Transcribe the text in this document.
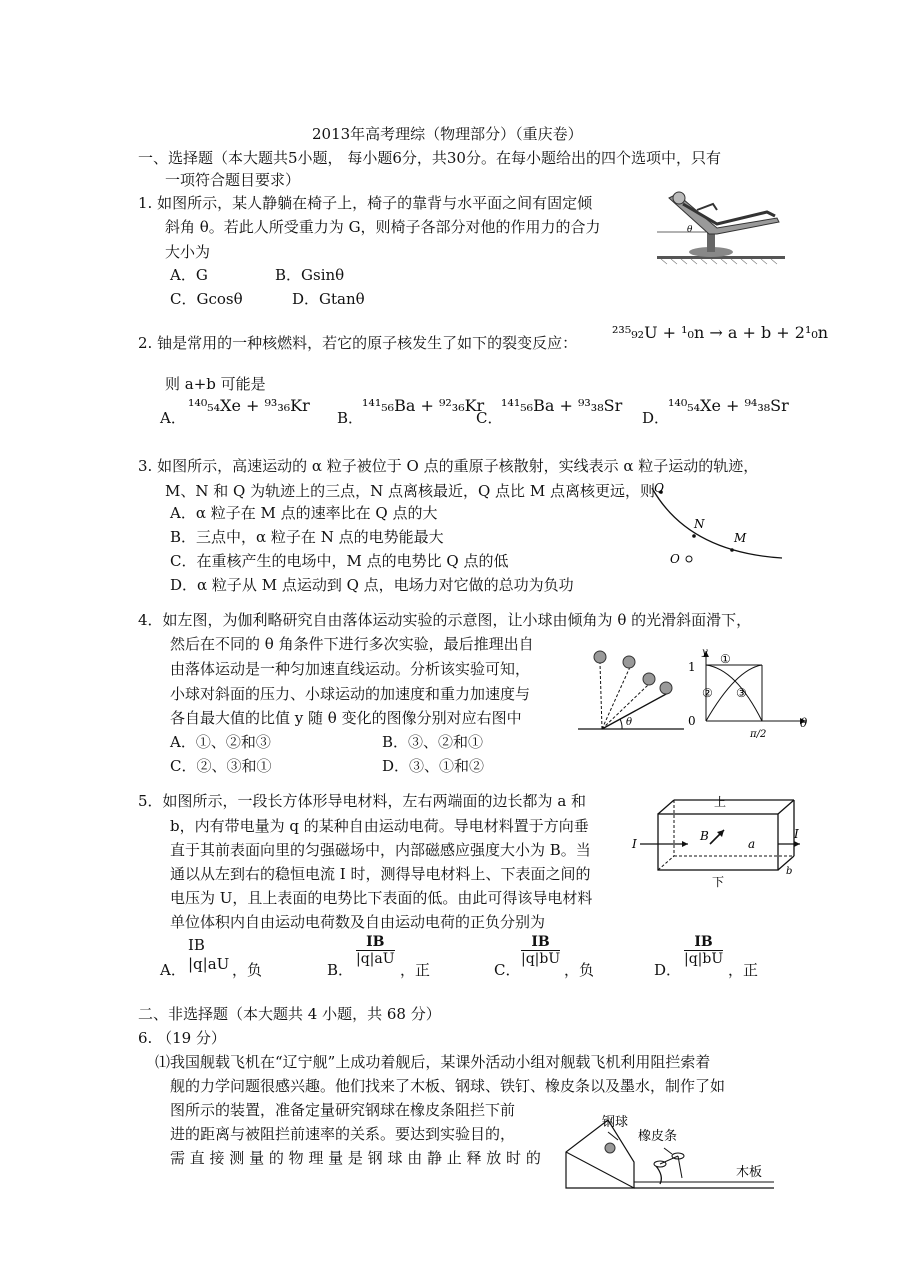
2013年高考理综（物理部分）（重庆卷）
一、选择题（本大题共5小题， 每小题6分，共30分。在每小题给出的四个选项中，只有
一项符合题目要求）
1. 如图所示，某人静躺在椅子上，椅子的靠背与水平面之间有固定倾
斜角 θ。若此人所受重力为 G，则椅子各部分对他的作用力的合力
大小为
A．G	B．Gsinθ
C．Gcosθ	D．Gtanθ
θ
2. 铀是常用的一种核燃料，若它的原子核发生了如下的裂变反应：
²³⁵₉₂U + ¹₀n → a + b + 2¹₀n
则 a+b 可能是
A．
¹⁴⁰₅₄Xe + ⁹³₃₆Kr
B．
¹⁴¹₅₆Ba + ⁹²₃₆Kr
C．
¹⁴¹₅₆Ba + ⁹³₃₈Sr
D．
¹⁴⁰₅₄Xe + ⁹⁴₃₈Sr
3. 如图所示，高速运动的 α 粒子被位于 O 点的重原子核散射，实线表示 α 粒子运动的轨迹，
M、N 和 Q 为轨迹上的三点，N 点离核最近，Q 点比 M 点离核更远，则
A．α 粒子在 M 点的速率比在 Q 点的大
B．三点中，α 粒子在 N 点的电势能最大
C．在重核产生的电场中，M 点的电势比 Q 点的低
D．α 粒子从 M 点运动到 Q 点，电场力对它做的总功为负功
Q
N
M
O
4．如左图，为伽利略研究自由落体运动实验的示意图，让小球由倾角为 θ 的光滑斜面滑下，
然后在不同的 θ 角条件下进行多次实验，最后推理出自
由落体运动是一种匀加速直线运动。分析该实验可知，
小球对斜面的压力、小球运动的加速度和重力加速度与
各自最大值的比值 y 随 θ 变化的图像分别对应右图中
A．①、②和③	B．③、②和①
C．②、③和①	D．③、①和②
θ
y
1
0
①
② ③
θ
π/2
5．如图所示，一段长方体形导电材料，左右两端面的边长都为 a 和
b，内有带电量为 q 的某种自由运动电荷。导电材料置于方向垂
直于其前表面向里的匀强磁场中，内部磁感应强度大小为 B。当
通以从左到右的稳恒电流 I 时，测得导电材料上、下表面之间的
电压为 U，且上表面的电势比下表面的低。由此可得该导电材料
单位体积内自由运动电荷数及自由运动电荷的正负分别为
A．
IB
|q|aU ，负	B．
$\frac{IB}{|q|aU}$
，正	C．
$\frac{IB}{|q|bU}$
，负	D．
$\frac{IB}{|q|bU}$
，正
上
下
I
I
B
a
b
二、非选择题（本大题共 4 小题，共 68 分）
6. （19 分）
⑴我国舰载飞机在“辽宁舰”上成功着舰后，某课外活动小组对舰载飞机利用阻拦索着
舰的力学问题很感兴趣。他们找来了木板、钢球、铁钉、橡皮条以及墨水，制作了如
图所示的装置，准备定量研究钢球在橡皮条阻拦下前
进的距离与被阻拦前速率的关系。要达到实验目的，
需 直 接 测 量 的 物 理 量 是 钢 球 由 静 止 释 放 时 的
钢球
橡皮条
木板
